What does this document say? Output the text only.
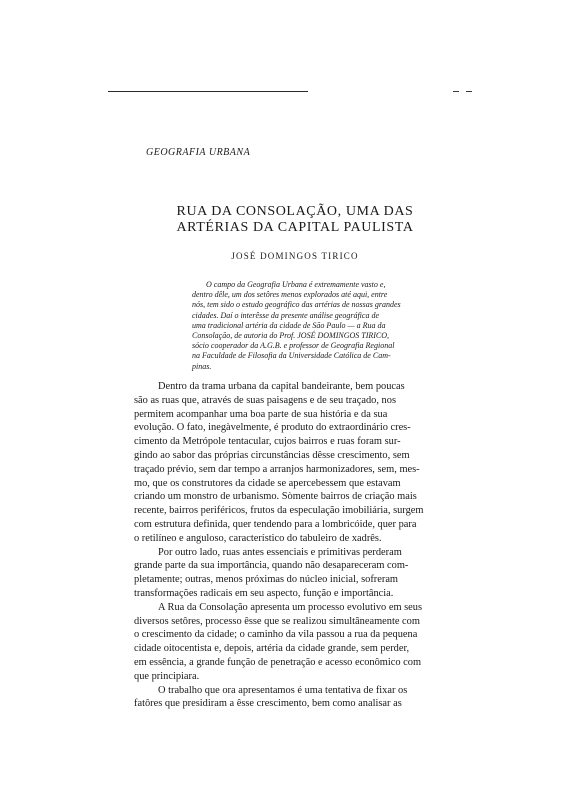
GEOGRAFIA URBANA
RUA DA CONSOLAÇÃO, UMA DAS
ARTÉRIAS DA CAPITAL PAULISTA
JOSÉ DOMINGOS TIRICO
O campo da Geografia Urbana é extremamente vasto e,
dentro dêle, um dos setôres menos explorados até aqui, entre
nós, tem sido o estudo geográfico das artérias de nossas grandes
cidades. Daí o interêsse da presente análise geográfica de
uma tradicional artéria da cidade de São Paulo — a Rua da
Consolação, de autoria do Prof. JOSÉ DOMINGOS TIRICO,
sócio cooperador da A.G.B. e professor de Geografia Regional
na Faculdade de Filosofia da Universidade Católica de Cam-
pinas.
Dentro da trama urbana da capital bandeirante, bem poucas
são as ruas que, através de suas paisagens e de seu traçado, nos
permitem acompanhar uma boa parte de sua história e da sua
evolução. O fato, inegàvelmente, é produto do extraordinário cres-
cimento da Metrópole tentacular, cujos bairros e ruas foram sur-
gindo ao sabor das próprias circunstâncias dêsse crescimento, sem
traçado prévio, sem dar tempo a arranjos harmonizadores, sem, mes-
mo, que os construtores da cidade se apercebessem que estavam
criando um monstro de urbanismo. Sòmente bairros de criação mais
recente, bairros periféricos, frutos da especulação imobiliária, surgem
com estrutura definida, quer tendendo para a lombricóide, quer para
o retilíneo e anguloso, característico do tabuleiro de xadrês.
Por outro lado, ruas antes essenciais e primitivas perderam
grande parte da sua importância, quando não desapareceram com-
pletamente; outras, menos próximas do núcleo inicial, sofreram
transformações radicais em seu aspecto, função e importância.
A Rua da Consolação apresenta um processo evolutivo em seus
diversos setôres, processo êsse que se realizou simultâneamente com
o crescimento da cidade; o caminho da vila passou a rua da pequena
cidade oitocentista e, depois, artéria da cidade grande, sem perder,
em essência, a grande função de penetração e acesso econômico com
que principiara.
O trabalho que ora apresentamos é uma tentativa de fixar os
fatôres que presidiram a êsse crescimento, bem como analisar as
